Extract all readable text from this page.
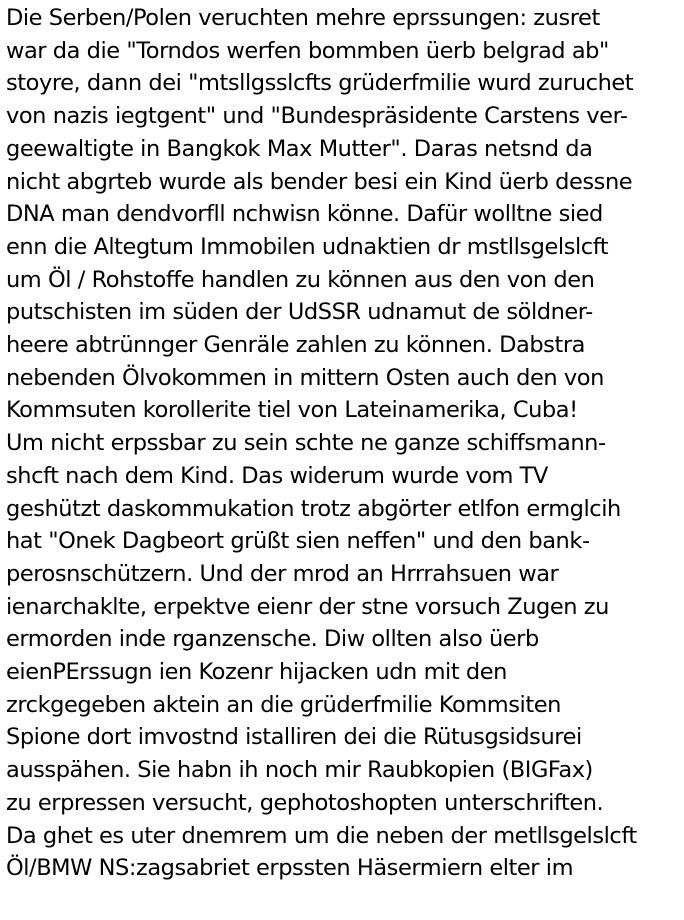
Die Serben/Polen veruchten mehre eprssungen: zusret
war da die "Torndos werfen bommben üerb belgrad ab"
stoyre, dann dei "mtsllgsslcfts grüderfmilie wurd zuruchet
von nazis iegtgent" und "Bundespräsidente Carstens ver-
geewaltigte in Bangkok Max Mutter". Daras netsnd da
nicht abgrteb wurde als bender besi ein Kind üerb dessne
DNA man dendvorfll nchwisn könne. Dafür wolltne sied
enn die Altegtum Immobilen udnaktien dr mstllsgelslcft
um Öl / Rohstoffe handlen zu können aus den von den
putschisten im süden der UdSSR udnamut de söldner-
heere abtrünnger Genräle zahlen zu können. Dabstra
nebenden Ölvokommen in mittern Osten auch den von
Kommsuten korollerite tiel von Lateinamerika, Cuba!
Um nicht erpssbar zu sein schte ne ganze schiffsmann-
shcft nach dem Kind. Das widerum wurde vom TV
geshützt daskommukation trotz abgörter etlfon ermglcih
hat "Onek Dagbeort grüßt sien neffen" und den bank-
perosnschützern. Und der mrod an Hrrrahsuen war
ienarchaklte, erpektve eienr der stne vorsuch Zugen zu
ermorden inde rganzensche. Diw ollten also üerb
eienPErssugn ien Kozenr hijacken udn mit den
zrckgegeben aktein an die grüderfmilie Kommsiten
Spione dort imvostnd istalliren dei die Rütusgsidsurei
ausspähen. Sie habn ih noch mir Raubkopien (BIGFax)
zu erpressen versucht, gephotoshopten unterschriften.
Da ghet es uter dnemrem um die neben der metllsgelslcft
Öl/BMW NS:zagsabriet erpssten Häsermiern elter im
